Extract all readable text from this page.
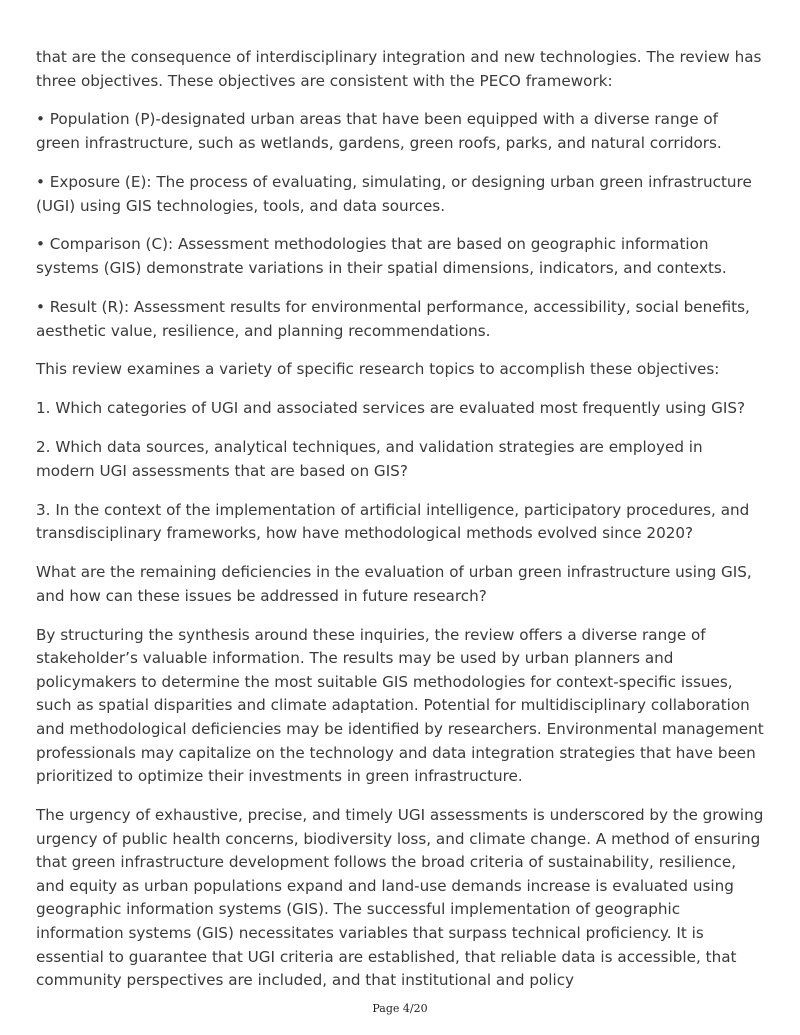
that are the consequence of interdisciplinary integration and new technologies. The review has three objectives. These objectives are consistent with the PECO framework:

• Population (P)-designated urban areas that have been equipped with a diverse range of green infrastructure, such as wetlands, gardens, green roofs, parks, and natural corridors.

• Exposure (E): The process of evaluating, simulating, or designing urban green infrastructure (UGI) using GIS technologies, tools, and data sources.

• Comparison (C): Assessment methodologies that are based on geographic information systems (GIS) demonstrate variations in their spatial dimensions, indicators, and contexts.

• Result (R): Assessment results for environmental performance, accessibility, social benefits, aesthetic value, resilience, and planning recommendations.

This review examines a variety of specific research topics to accomplish these objectives:

1. Which categories of UGI and associated services are evaluated most frequently using GIS?

2. Which data sources, analytical techniques, and validation strategies are employed in modern UGI assessments that are based on GIS?

3. In the context of the implementation of artificial intelligence, participatory procedures, and transdisciplinary frameworks, how have methodological methods evolved since 2020?

What are the remaining deficiencies in the evaluation of urban green infrastructure using GIS, and how can these issues be addressed in future research?

By structuring the synthesis around these inquiries, the review offers a diverse range of stakeholder’s valuable information. The results may be used by urban planners and policymakers to determine the most suitable GIS methodologies for context-specific issues, such as spatial disparities and climate adaptation. Potential for multidisciplinary collaboration and methodological deficiencies may be identified by researchers. Environmental management professionals may capitalize on the technology and data integration strategies that have been prioritized to optimize their investments in green infrastructure.

The urgency of exhaustive, precise, and timely UGI assessments is underscored by the growing urgency of public health concerns, biodiversity loss, and climate change. A method of ensuring that green infrastructure development follows the broad criteria of sustainability, resilience, and equity as urban populations expand and land-use demands increase is evaluated using geographic information systems (GIS). The successful implementation of geographic information systems (GIS) necessitates variables that surpass technical proficiency. It is essential to guarantee that UGI criteria are established, that reliable data is accessible, that community perspectives are included, and that institutional and policy

Page 4/20
